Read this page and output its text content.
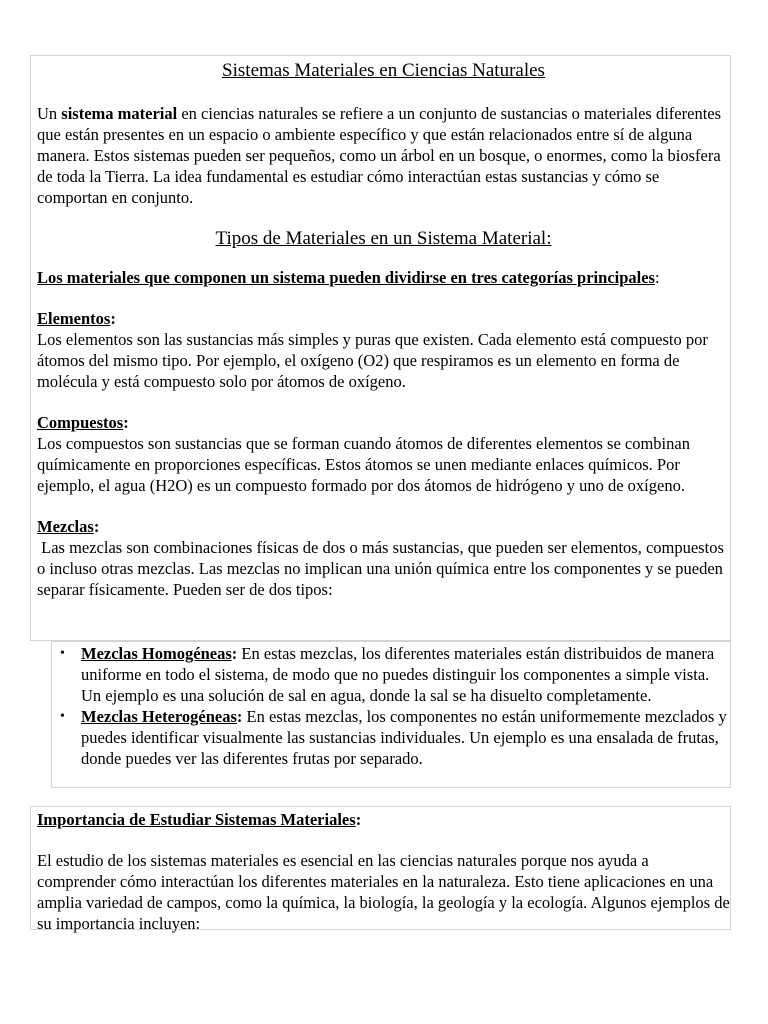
Sistemas Materiales en Ciencias Naturales

Un sistema material en ciencias naturales se refiere a un conjunto de sustancias o materiales diferentes que están presentes en un espacio o ambiente específico y que están relacionados entre sí de alguna manera. Estos sistemas pueden ser pequeños, como un árbol en un bosque, o enormes, como la biosfera de toda la Tierra. La idea fundamental es estudiar cómo interactúan estas sustancias y cómo se comportan en conjunto.

Tipos de Materiales en un Sistema Material:

Los materiales que componen un sistema pueden dividirse en tres categorías principales:

Elementos:

Los elementos son las sustancias más simples y puras que existen. Cada elemento está compuesto por átomos del mismo tipo. Por ejemplo, el oxígeno (O2) que respiramos es un elemento en forma de molécula y está compuesto solo por átomos de oxígeno.

Compuestos:

Los compuestos son sustancias que se forman cuando átomos de diferentes elementos se combinan químicamente en proporciones específicas. Estos átomos se unen mediante enlaces químicos. Por ejemplo, el agua (H2O) es un compuesto formado por dos átomos de hidrógeno y uno de oxígeno.

Mezclas:

Las mezclas son combinaciones físicas de dos o más sustancias, que pueden ser elementos, compuestos o incluso otras mezclas. Las mezclas no implican una unión química entre los componentes y se pueden separar físicamente. Pueden ser de dos tipos:

• Mezclas Homogéneas: En estas mezclas, los diferentes materiales están distribuidos de manera uniforme en todo el sistema, de modo que no puedes distinguir los componentes a simple vista. Un ejemplo es una solución de sal en agua, donde la sal se ha disuelto completamente.
• Mezclas Heterogéneas: En estas mezclas, los componentes no están uniformemente mezclados y puedes identificar visualmente las sustancias individuales. Un ejemplo es una ensalada de frutas, donde puedes ver las diferentes frutas por separado.

Importancia de Estudiar Sistemas Materiales:

El estudio de los sistemas materiales es esencial en las ciencias naturales porque nos ayuda a comprender cómo interactúan los diferentes materiales en la naturaleza. Esto tiene aplicaciones en una amplia variedad de campos, como la química, la biología, la geología y la ecología. Algunos ejemplos de su importancia incluyen:
